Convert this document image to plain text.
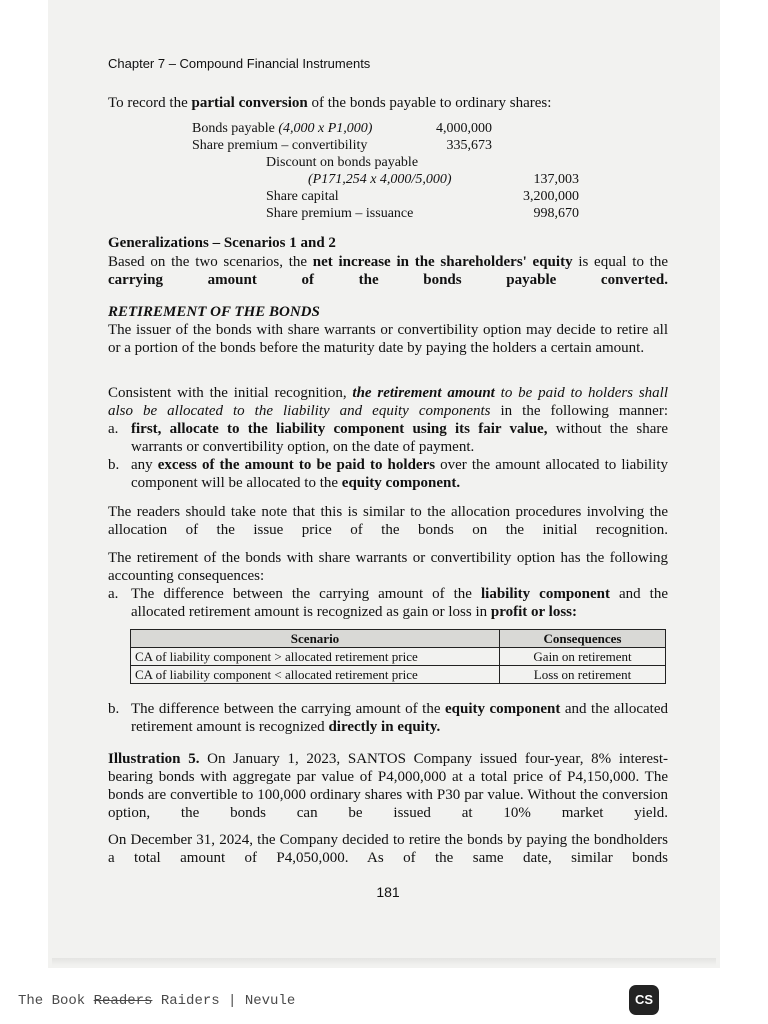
Chapter 7 – Compound Financial Instruments
To record the partial conversion of the bonds payable to ordinary shares:
Bonds payable (4,000 x P1,000)	4,000,000
Share premium – convertibility	335,673
Discount on bonds payable
(P171,254 x 4,000/5,000)	137,003
Share capital	3,200,000
Share premium – issuance	998,670
Generalizations – Scenarios 1 and 2
Based on the two scenarios, the net increase in the shareholders' equity is equal to the carrying amount of the bonds payable converted.
RETIREMENT OF THE BONDS
The issuer of the bonds with share warrants or convertibility option may decide to retire all or a portion of the bonds before the maturity date by paying the holders a certain amount.
Consistent with the initial recognition, the retirement amount to be paid to holders shall also be allocated to the liability and equity components in the following manner:
a. first, allocate to the liability component using its fair value, without the share warrants or convertibility option, on the date of payment.
b. any excess of the amount to be paid to holders over the amount allocated to liability component will be allocated to the equity component.
The readers should take note that this is similar to the allocation procedures involving the allocation of the issue price of the bonds on the initial recognition.
The retirement of the bonds with share warrants or convertibility option has the following accounting consequences:
a. The difference between the carrying amount of the liability component and the allocated retirement amount is recognized as gain or loss in profit or loss:
Scenario	Consequences
CA of liability component > allocated retirement price	Gain on retirement
CA of liability component < allocated retirement price	Loss on retirement
b. The difference between the carrying amount of the equity component and the allocated retirement amount is recognized directly in equity.
Illustration 5. On January 1, 2023, SANTOS Company issued four-year, 8% interest-bearing bonds with aggregate par value of P4,000,000 at a total price of P4,150,000. The bonds are convertible to 100,000 ordinary shares with P30 par value. Without the conversion option, the bonds can be issued at 10% market yield.
On December 31, 2024, the Company decided to retire the bonds by paying the bondholders a total amount of P4,050,000. As of the same date, similar bonds
181
The Book Readers Raiders | Nevule	CS
